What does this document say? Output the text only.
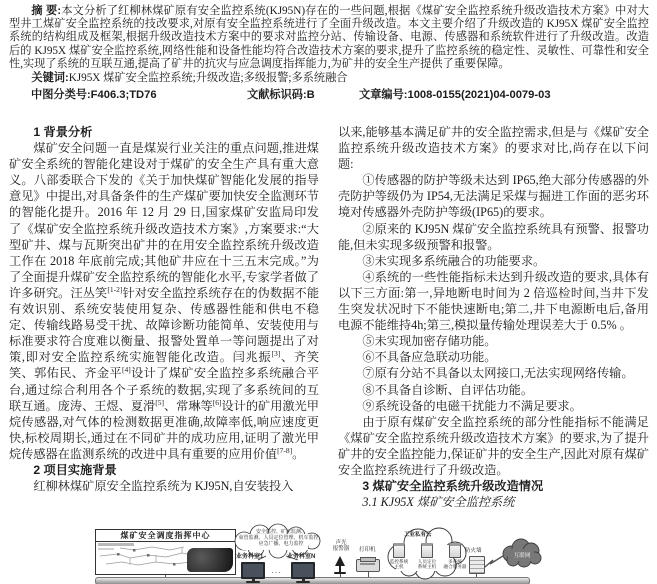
摘 要:本文分析了红柳林煤矿原有安全监控系统(KJ95N)存在的一些问题,根据《煤矿安全监控系统升级改造技术方案》中对大型井工煤矿安全监控系统的技改要求,对原有安全监控系统进行了全面升级改造。本文主要介绍了升级改造的 KJ95X 煤矿安全监控系统的结构组成及框架,根据升级改造技术方案中的要求对监控分站、传输设备、电源、传感器和系统软件进行了升级改造。改造后的 KJ95X 煤矿安全监控系统,网络性能和设备性能均符合改造技术方案的要求,提升了监控系统的稳定性、灵敏性、可靠性和安全性,实现了系统的互联互通,提高了矿井的抗灾与应急调度指挥能力,为矿井的安全生产提供了重要保障。

关键词:KJ95X 煤矿安全监控系统;升级改造;多级报警;多系统融合

中图分类号:F406.3;TD76	文献标识码:B	文章编号:1008-0155(2021)04-0079-03

1 背景分析

煤矿安全问题一直是煤炭行业关注的重点问题,推进煤矿安全系统的智能化建设对于煤矿的安全生产具有重大意义。八部委联合下发的《关于加快煤矿智能化发展的指导意见》中提出,对具备条件的生产煤矿要加快安全监测环节的智能化提升。2016 年 12 月 29 日,国家煤矿安监局印发了《煤矿安全监控系统升级改造技术方案》,方案要求:“大型矿井、煤与瓦斯突出矿井的在用安全监控系统升级改造工作在 2018 年底前完成;其他矿井应在十三五末完成。”为了全面提升煤矿安全监控系统的智能化水平,专家学者做了许多研究。汪丛笑[1-2]针对安全监控系统存在的伪数据不能有效识别、系统安装使用复杂、传感器性能和供电不稳定、传输线路易受干扰、故障诊断功能简单、安装使用与标准要求符合度难以衡量、报警处置单一等问题提出了对策,即对安全监控系统实施智能化改造。闫兆振[3]、齐笑笑、郭佑民、齐金平[4]设计了煤矿安全监控多系统融合平台,通过综合利用各个子系统的数据,实现了多系统间的互联互通。庞涛、王煜、夏滑[5]、常琳等[6]设计的矿用激光甲烷传感器,对气体的检测数据更准确,故障率低,响应速度更快,标校周期长,通过在不同矿井的成功应用,证明了激光甲烷传感器在监测系统的改进中具有重要的应用价值[7-8]。

2 项目实施背景

红柳林煤矿原安全监控系统为 KJ95N,自安装投入

以来,能够基本满足矿井的安全监控需求,但是与《煤矿安全监控系统升级改造技术方案》的要求对比,尚存在以下问题:

①传感器的防护等级未达到 IP65,绝大部分传感器的外壳防护等级仍为 IP54,无法满足采煤与掘进工作面的恶劣环境对传感器外壳防护等级(IP65)的要求。

②原来的 KJ95N 煤矿安全监控系统具有预警、报警功能,但未实现多级预警和报警。

③未实现多系统融合的功能要求。

④系统的一些性能指标未达到升级改造的要求,具体有以下三方面:第一,异地断电时间为 2 倍巡检时间,当井下发生突发状况时下不能快速断电;第二,井下电源断电后,备用电源不能维持4h;第三,模拟量传输处理误差大于 0.5% 。

⑤未实现加密存储功能。

⑥不具备应急联动功能。

⑦原有分站不具备以太网接口,无法实现网络传输。

⑧不具备自诊断、自评估功能。

⑨系统设备的电磁干扰能力不满足要求。

由于原有煤矿安全监控系统的部分性能指标不能满足《煤矿安全监控系统升级改造技术方案》的要求,为了提升矿井的安全监控能力,保证矿井的安全生产,因此对原有煤矿安全监控系统进行了升级改造。

3 煤矿安全监控系统升级改造情况

3.1 KJ95X 煤矿安全监控系统

煤矿安全调度指挥中心	安全监控、矿压监测、
束管监测、人员定位管理、机车监控、
应急广播、电力监控
业务科室1	业务科室N
···
声光
报警器	打印机
工业私有云
监控系统
主机
人员定位
系统主机
多系统
融合服务器
防火墙
互联网
